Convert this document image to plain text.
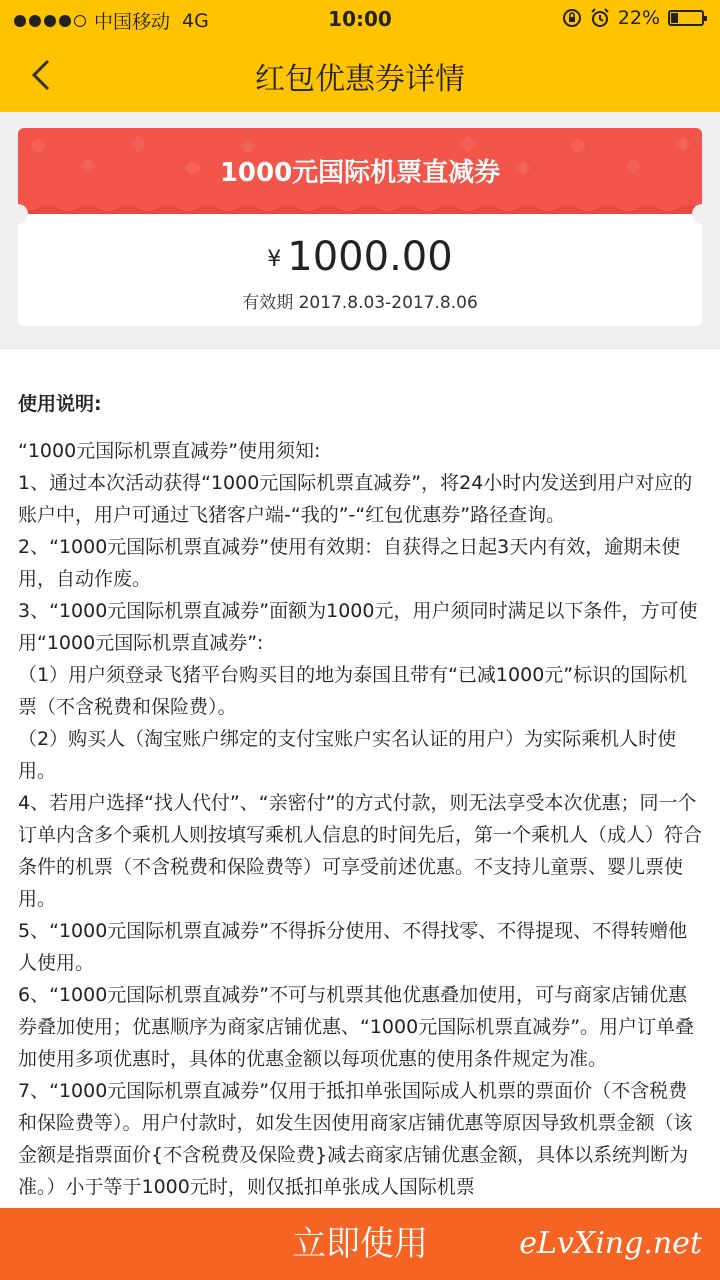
中国移动 4G	10:00	22%
红包优惠券详情
1000元国际机票直减券
¥ 1000.00
有效期 2017.8.03-2017.8.06
使用说明:
“1000元国际机票直减券”使用须知:
1、通过本次活动获得“1000元国际机票直减券”，将24小时内发送到用户对应的账户中，用户可通过飞猪客户端-“我的”-“红包优惠券”路径查询。
2、“1000元国际机票直减券”使用有效期：自获得之日起3天内有效，逾期未使用，自动作废。
3、“1000元国际机票直减券”面额为1000元，用户须同时满足以下条件，方可使用“1000元国际机票直减券”:
（1）用户须登录飞猪平台购买目的地为泰国且带有“已减1000元”标识的国际机票（不含税费和保险费）。
（2）购买人（淘宝账户绑定的支付宝账户实名认证的用户）为实际乘机人时使用。
4、若用户选择“找人代付”、“亲密付”的方式付款，则无法享受本次优惠；同一个订单内含多个乘机人则按填写乘机人信息的时间先后，第一个乘机人（成人）符合条件的机票（不含税费和保险费等）可享受前述优惠。不支持儿童票、婴儿票使用。
5、“1000元国际机票直减券”不得拆分使用、不得找零、不得提现、不得转赠他人使用。
6、“1000元国际机票直减券”不可与机票其他优惠叠加使用，可与商家店铺优惠券叠加使用；优惠顺序为商家店铺优惠、“1000元国际机票直减券”。用户订单叠加使用多项优惠时，具体的优惠金额以每项优惠的使用条件规定为准。
7、“1000元国际机票直减券”仅用于抵扣单张国际成人机票的票面价（不含税费和保险费等）。用户付款时，如发生因使用商家店铺优惠等原因导致机票金额（该金额是指票面价{不含税费及保险费}减去商家店铺优惠金额，具体以系统判断为准。）小于等于1000元时，则仅抵扣单张成人国际机票
立即使用	eLvXing.net
